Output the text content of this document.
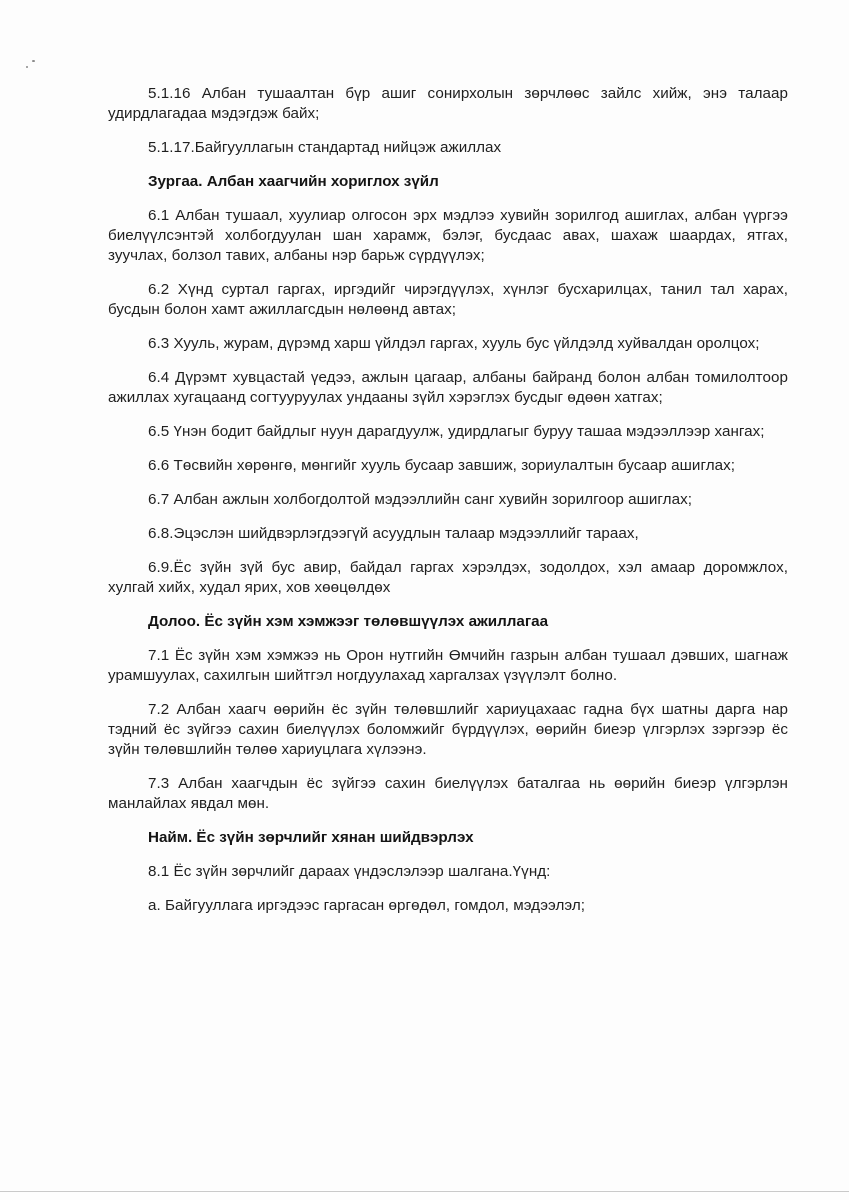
5.1.16 Албан тушаалтан бүр ашиг сонирхолын зөрчлөөс зайлс хийж, энэ талаар удирдлагадаа мэдэгдэж байх;

5.1.17.Байгууллагын стандартад нийцэж ажиллах

Зургаа. Албан хаагчийн хориглох зүйл

6.1 Албан тушаал, хуулиар олгосон эрх мэдлээ хувийн зорилгод ашиглах, албан үүргээ биелүүлсэнтэй холбогдуулан шан харамж, бэлэг, бусдаас авах, шахаж шаардах, ятгах, зуучлах, болзол тавих, албаны нэр барьж сүрдүүлэх;

6.2 Хүнд суртал гаргах, иргэдийг чирэгдүүлэх, хүнлэг бусхарилцах, танил тал харах, бусдын болон хамт ажиллагсдын нөлөөнд автах;

6.3 Хууль, журам, дүрэмд харш үйлдэл гаргах, хууль бус үйлдэлд хуйвалдан оролцох;

6.4 Дүрэмт хувцастай үедээ, ажлын цагаар, албаны байранд болон албан томилолтоор ажиллах хугацаанд согтууруулах ундааны зүйл хэрэглэх бусдыг өдөөн хатгах;

6.5 Үнэн бодит байдлыг нуун дарагдуулж, удирдлагыг буруу ташаа мэдээллээр хангах;

6.6 Төсвийн хөрөнгө, мөнгийг хууль бусаар завшиж, зориулалтын бусаар ашиглах;

6.7 Албан ажлын холбогдолтой мэдээллийн санг хувийн зорилгоор ашиглах;

6.8.Эцэслэн шийдвэрлэгдээгүй асуудлын талаар мэдээллийг тараах,

6.9.Ёс зүйн зүй бус авир, байдал гаргах хэрэлдэх, зодолдох, хэл амаар доромжлох, хулгай хийх, худал ярих, хов хөөцөлдөх

Долоо. Ёс зүйн хэм хэмжээг төлөвшүүлэх ажиллагаа

7.1 Ёс зүйн хэм хэмжээ нь Орон нутгийн Өмчийн газрын албан тушаал дэвших, шагнаж урамшуулах, сахилгын шийтгэл ногдуулахад харгалзах үзүүлэлт болно.

7.2 Албан хаагч өөрийн ёс зүйн төлөвшлийг хариуцахаас гадна бүх шатны дарга нар тэдний ёс зүйгээ сахин биелүүлэх боломжийг бүрдүүлэх, өөрийн биеэр үлгэрлэх зэргээр ёс зүйн төлөвшлийн төлөө хариуцлага хүлээнэ.

7.3 Албан хаагчдын ёс зүйгээ сахин биелүүлэх баталгаа нь өөрийн биеэр үлгэрлэн манлайлах явдал мөн.

Найм. Ёс зүйн зөрчлийг хянан шийдвэрлэх

8.1 Ёс зүйн зөрчлийг дараах үндэслэлээр шалгана.Үүнд:

а. Байгууллага иргэдээс гаргасан өргөдөл, гомдол, мэдээлэл;
